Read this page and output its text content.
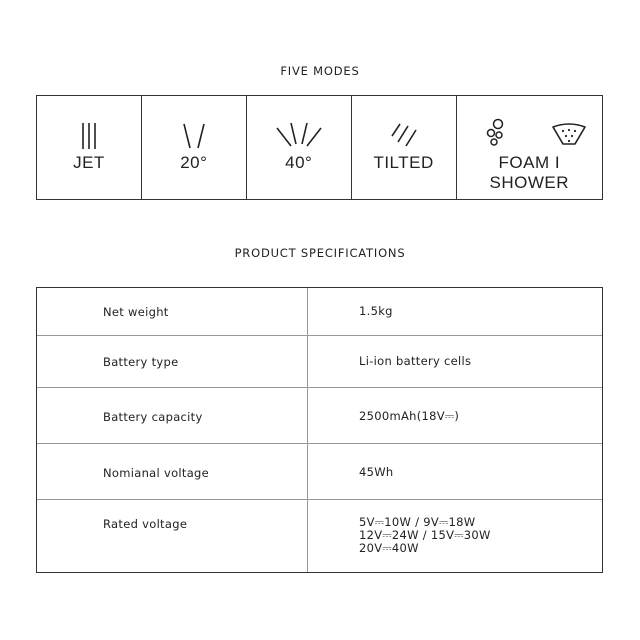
FIVE MODES
JET	20°	40°	TILTED	FOAM I SHOWER
PRODUCT SPECIFICATIONS
Net weight	1.5kg
Battery type	Li-ion battery cells
Battery capacity	2500mAh(18V⎓)
Nomianal voltage	45Wh
Rated voltage	5V⎓10W / 9V⎓18W
12V⎓24W / 15V⎓30W
20V⎓40W
